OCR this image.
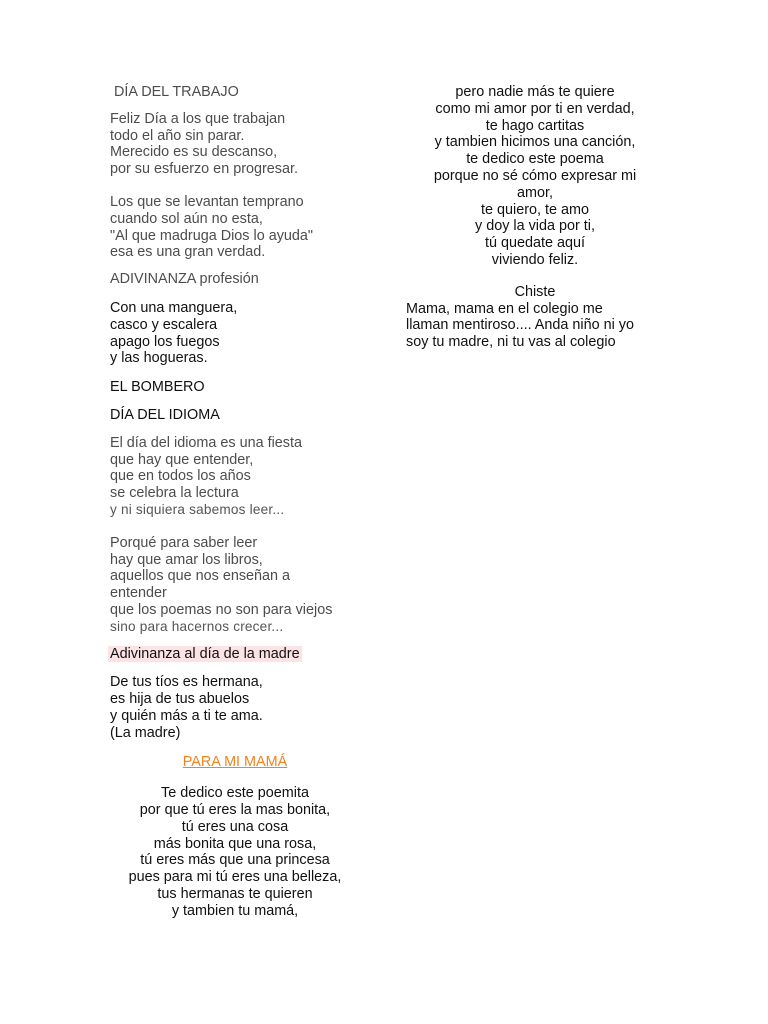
DÍA DEL TRABAJO
Feliz Día a los que trabajan
todo el año sin parar.
Merecido es su descanso,
por su esfuerzo en progresar.
Los que se levantan temprano
cuando sol aún no esta,
"Al que madruga Dios lo ayuda"
esa es una gran verdad.
ADIVINANZA profesión
Con una manguera,
casco y escalera
apago los fuegos
y las hogueras.
EL BOMBERO
DÍA DEL IDIOMA
El día del idioma es una fiesta
que hay que entender,
que en todos los años
se celebra la lectura
y ni siquiera sabemos leer...
Porqué para saber leer
hay que amar los libros,
aquellos que nos enseñan a
entender
que los poemas no son para viejos
sino para hacernos crecer...
Adivinanza al día de la madre
De tus tíos es hermana,
es hija de tus abuelos
y quién más a ti te ama.
(La madre)
PARA MI MAMÁ
Te dedico este poemita
por que tú eres la mas bonita,
tú eres una cosa
más bonita que una rosa,
tú eres más que una princesa
pues para mi tú eres una belleza,
tus hermanas te quieren
y tambien tu mamá,
pero nadie más te quiere
como mi amor por ti en verdad,
te hago cartitas
y tambien hicimos una canción,
te dedico este poema
porque no sé cómo expresar mi
amor,
te quiero, te amo
y doy la vida por ti,
tú quedate aquí
viviendo feliz.
Chiste
Mama, mama en el colegio me
llaman mentiroso.... Anda niño ni yo
soy tu madre, ni tu vas al colegio
